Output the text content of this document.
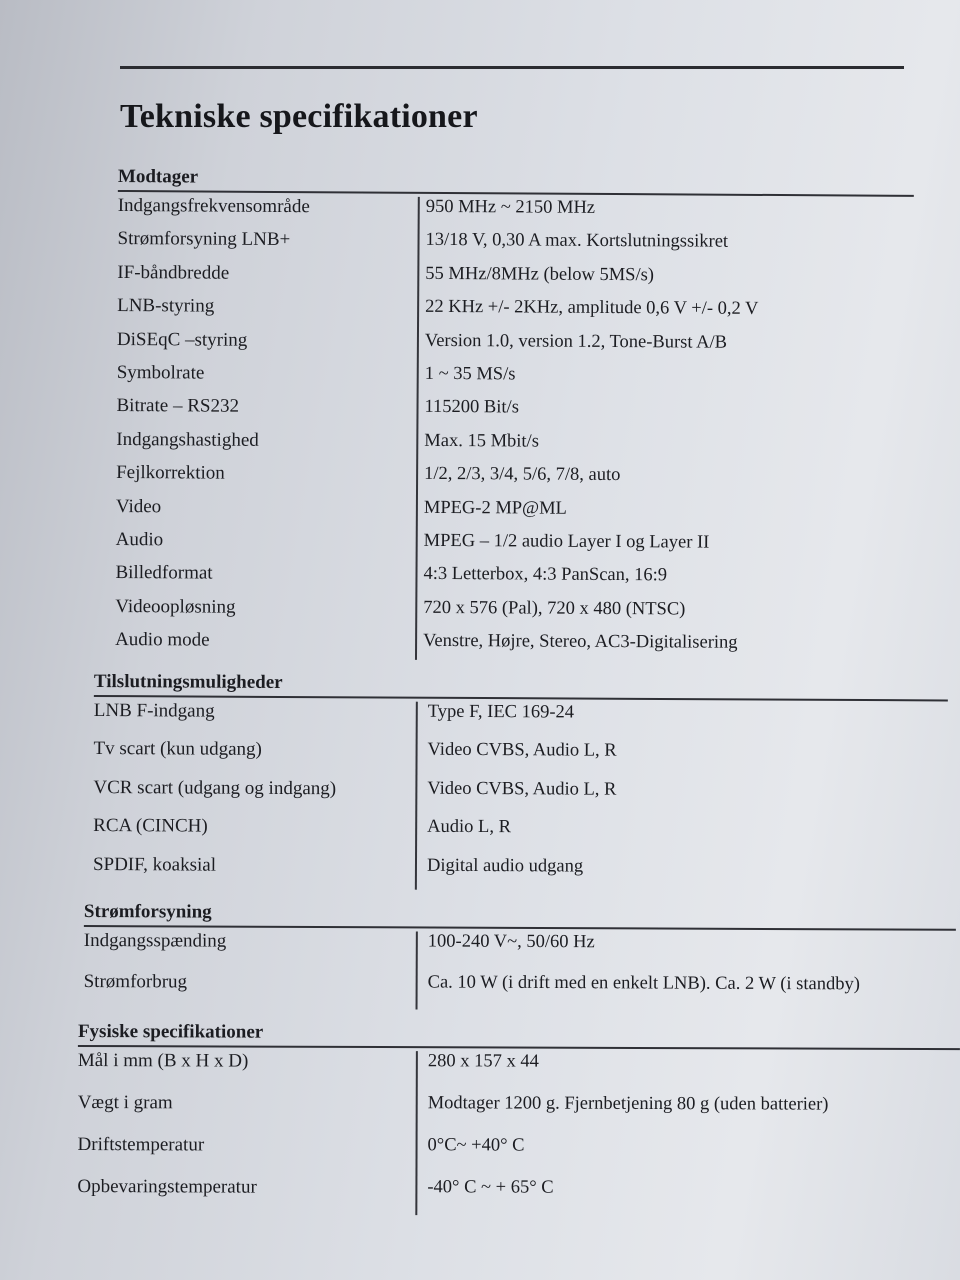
Tekniske specifikationer
Modtager
Indgangsfrekvensområde	950 MHz ~ 2150 MHz
Strømforsyning LNB+	13/18 V, 0,30 A max. Kortslutningssikret
IF-båndbredde	55 MHz/8MHz (below 5MS/s)
LNB-styring	22 KHz +/- 2KHz, amplitude 0,6 V +/- 0,2 V
DiSEqC –styring	Version 1.0, version 1.2, Tone-Burst A/B
Symbolrate	1 ~ 35 MS/s
Bitrate – RS232	115200 Bit/s
Indgangshastighed	Max. 15 Mbit/s
Fejlkorrektion	1/2, 2/3, 3/4, 5/6, 7/8, auto
Video	MPEG-2 MP@ML
Audio	MPEG – 1/2 audio Layer I og Layer II
Billedformat	4:3 Letterbox, 4:3 PanScan, 16:9
Videoopløsning	720 x 576 (Pal), 720 x 480 (NTSC)
Audio mode	Venstre, Højre, Stereo, AC3-Digitalisering
Tilslutningsmuligheder
LNB F-indgang	Type F, IEC 169-24
Tv scart (kun udgang)	Video CVBS, Audio L, R
VCR scart (udgang og indgang)	Video CVBS, Audio L, R
RCA (CINCH)	Audio L, R
SPDIF, koaksial	Digital audio udgang
Strømforsyning
Indgangsspænding	100-240 V~, 50/60 Hz
Strømforbrug	Ca. 10 W (i drift med en enkelt LNB). Ca. 2 W (i standby)
Fysiske specifikationer
Mål i mm (B x H x D)	280 x 157 x 44
Vægt i gram	Modtager 1200 g. Fjernbetjening 80 g (uden batterier)
Driftstemperatur	0°C~ +40° C
Opbevaringstemperatur	-40° C ~ + 65° C
